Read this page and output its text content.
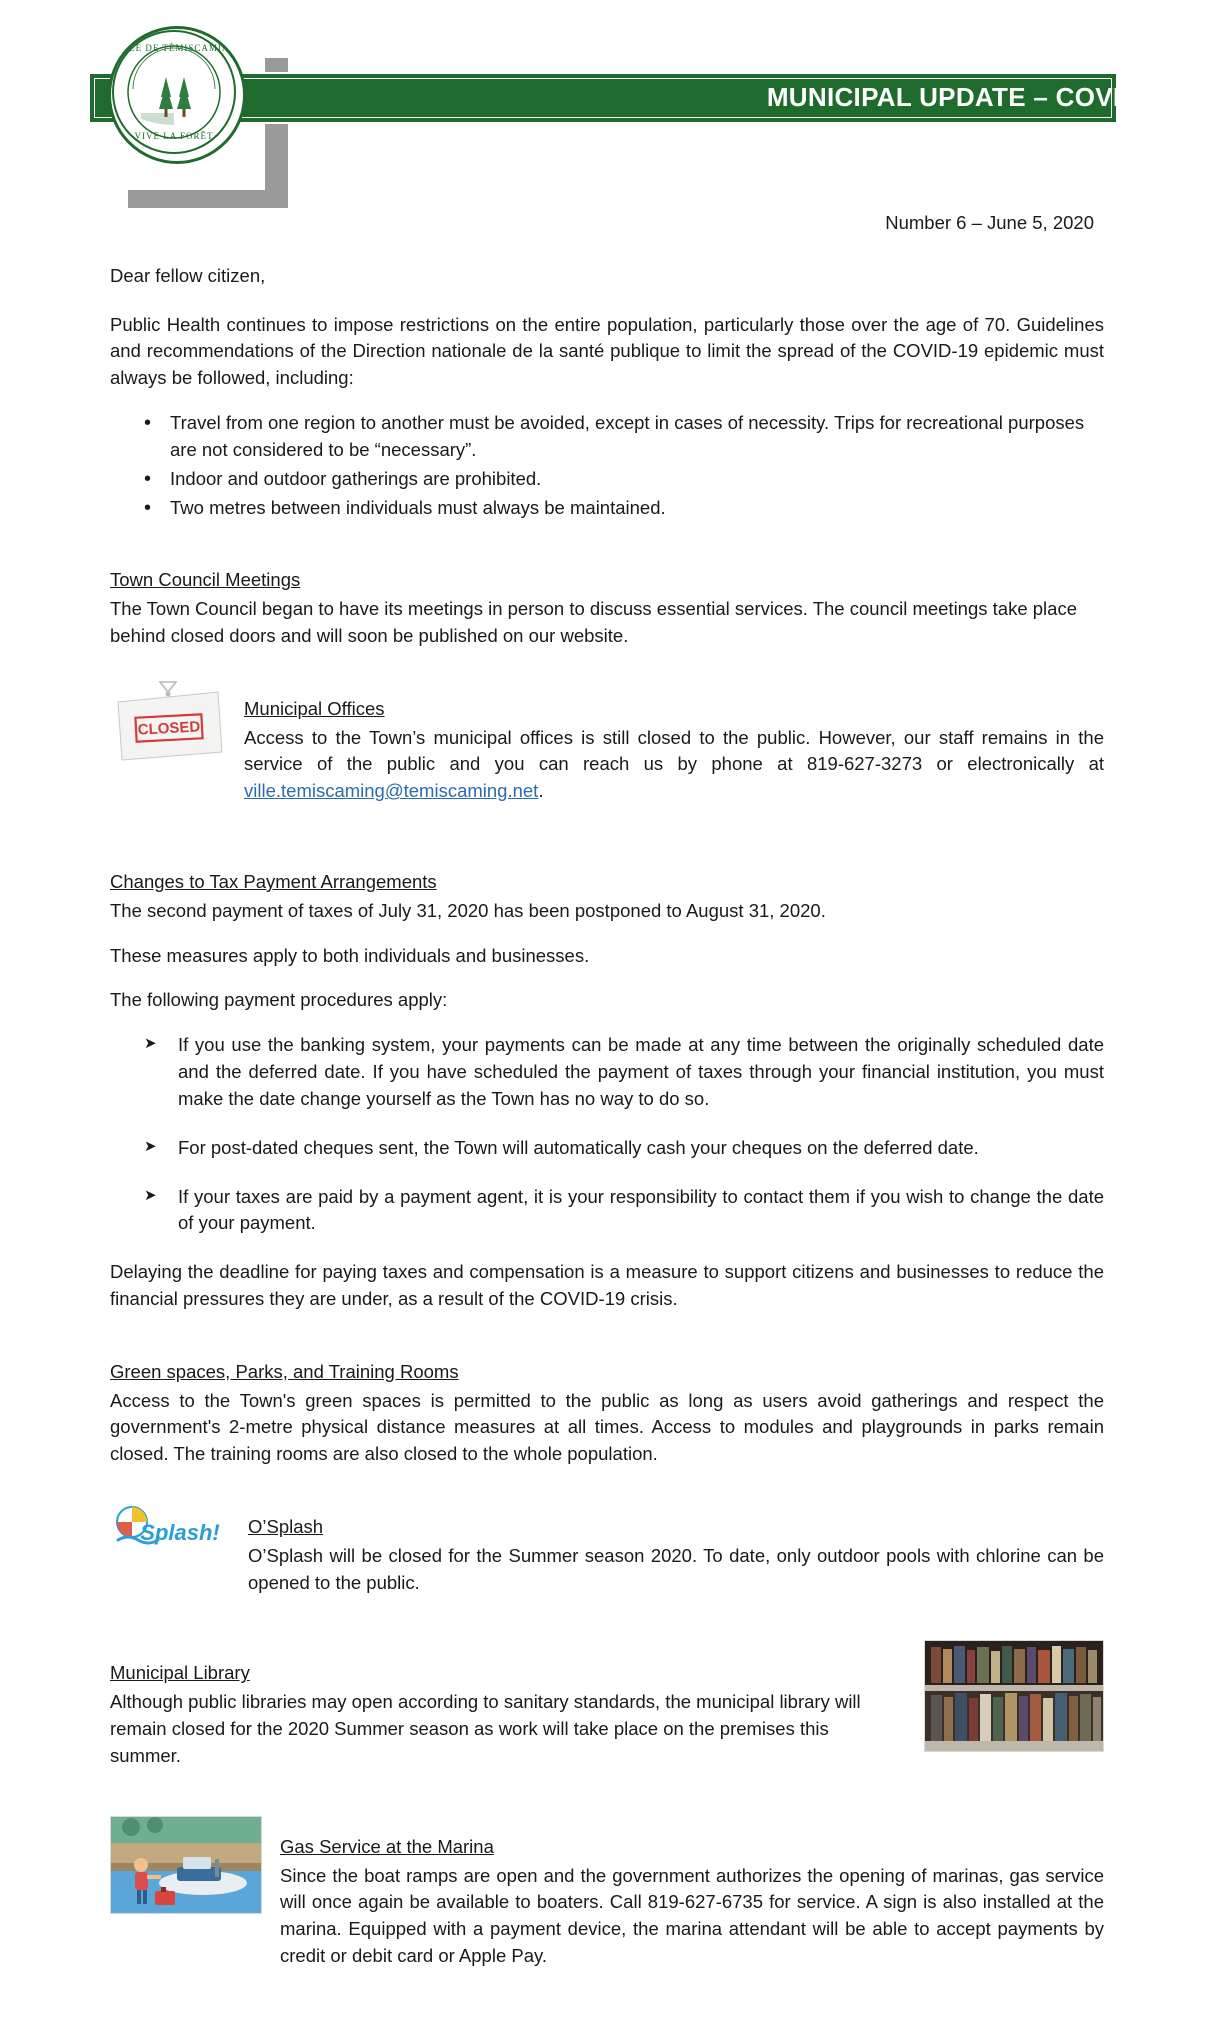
MUNICIPAL UPDATE – COVID-19
VILLE DE TÉMISCAMING
VIVE LA FORÊT
Number 6 – June 5, 2020

Dear fellow citizen,

Public Health continues to impose restrictions on the entire population, particularly those over the age of 70. Guidelines and recommendations of the Direction nationale de la santé publique to limit the spread of the COVID-19 epidemic must always be followed, including:

• Travel from one region to another must be avoided, except in cases of necessity. Trips for recreational purposes are not considered to be “necessary”.
• Indoor and outdoor gatherings are prohibited.
• Two metres between individuals must always be maintained.
Town Council Meetings

The Town Council began to have its meetings in person to discuss essential services. The council meetings take place behind closed doors and will soon be published on our website.

Municipal Offices
CLOSED Access to the Town’s municipal offices is still closed to the public. However, our staff remains in the service of the public and you can reach us by phone at 819-627-3273 or electronically at ville.temiscaming@temiscaming.net.

Changes to Tax Payment Arrangements

The second payment of taxes of July 31, 2020 has been postponed to August 31, 2020.

These measures apply to both individuals and businesses.

The following payment procedures apply:

➤ If you use the banking system, your payments can be made at any time between the originally scheduled date and the deferred date. If you have scheduled the payment of taxes through your financial institution, you must make the date change yourself as the Town has no way to do so.
➤ For post-dated cheques sent, the Town will automatically cash your cheques on the deferred date.
➤ If your taxes are paid by a payment agent, it is your responsibility to contact them if you wish to change the date of your payment.

Delaying the deadline for paying taxes and compensation is a measure to support citizens and businesses to reduce the financial pressures they are under, as a result of the COVID-19 crisis.

Green spaces, Parks, and Training Rooms

Access to the Town's green spaces is permitted to the public as long as users avoid gatherings and respect the government's 2-metre physical distance measures at all times. Access to modules and playgrounds in parks remain closed. The training rooms are also closed to the whole population.

Splash! O’Splash

O’Splash will be closed for the Summer season 2020. To date, only outdoor pools with chlorine can be opened to the public.

Municipal Library

Although public libraries may open according to sanitary standards, the municipal library will remain closed for the 2020 Summer season as work will take place on the premises this summer.

Gas Service at the Marina

Since the boat ramps are open and the government authorizes the opening of marinas, gas service will once again be available to boaters. Call 819-627-6735 for service. A sign is also installed at the marina. Equipped with a payment device, the marina attendant will be able to accept payments by credit or debit card or Apple Pay.
